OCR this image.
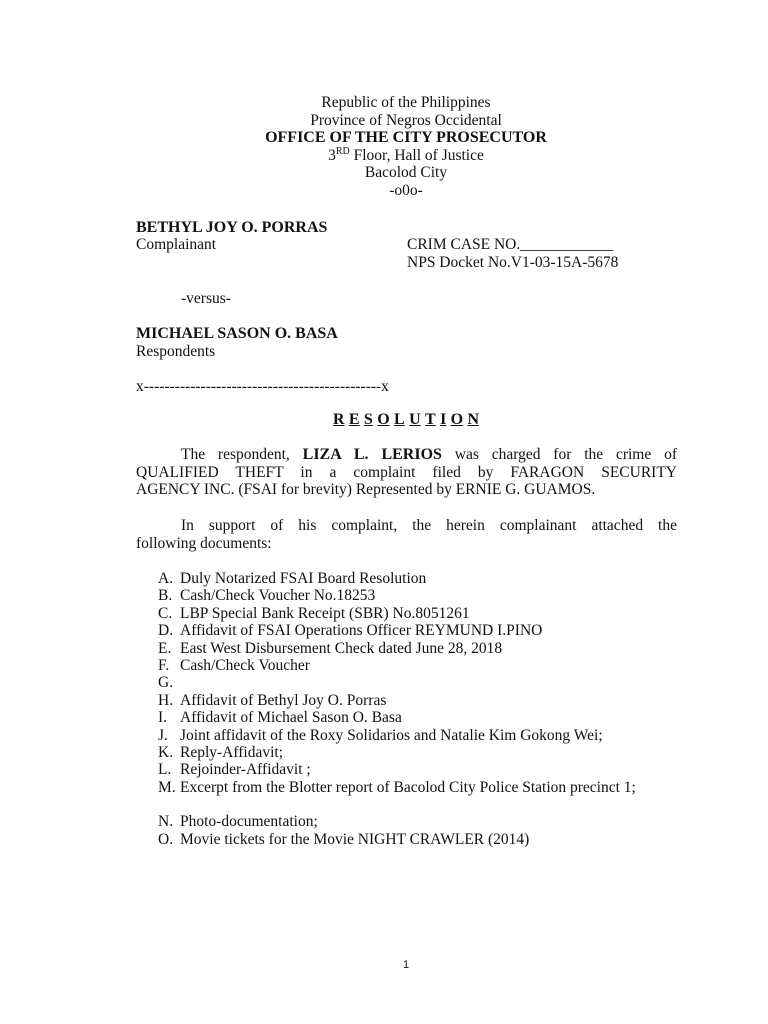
Republic of the Philippines
Province of Negros Occidental
OFFICE OF THE CITY PROSECUTOR
3RD Floor, Hall of Justice
Bacolod City
-o0o-
BETHYL JOY O. PORRAS
Complainant	CRIM CASE NO.____________
NPS Docket No.V1-03-15A-5678
-versus-
MICHAEL SASON O. BASA
Respondents
x----------------------------------------------x
R E S O L U T I O N
The respondent, LIZA L. LERIOS was charged for the crime of
QUALIFIED THEFT in a complaint filed by FARAGON SECURITY
AGENCY INC. (FSAI for brevity) Represented by ERNIE G. GUAMOS.
In support of his complaint, the herein complainant attached the
following documents:
A. Duly Notarized FSAI Board Resolution
B. Cash/Check Voucher No.18253
C. LBP Special Bank Receipt (SBR) No.8051261
D. Affidavit of FSAI Operations Officer REYMUND I.PINO
E. East West Disbursement Check dated June 28, 2018
F. Cash/Check Voucher
G.
H. Affidavit of Bethyl Joy O. Porras
I. Affidavit of Michael Sason O. Basa
J. Joint affidavit of the Roxy Solidarios and Natalie Kim Gokong Wei;
K. Reply-Affidavit;
L. Rejoinder-Affidavit ;
M. Excerpt from the Blotter report of Bacolod City Police Station precinct 1;
N. Photo-documentation;
O. Movie tickets for the Movie NIGHT CRAWLER (2014)
1
